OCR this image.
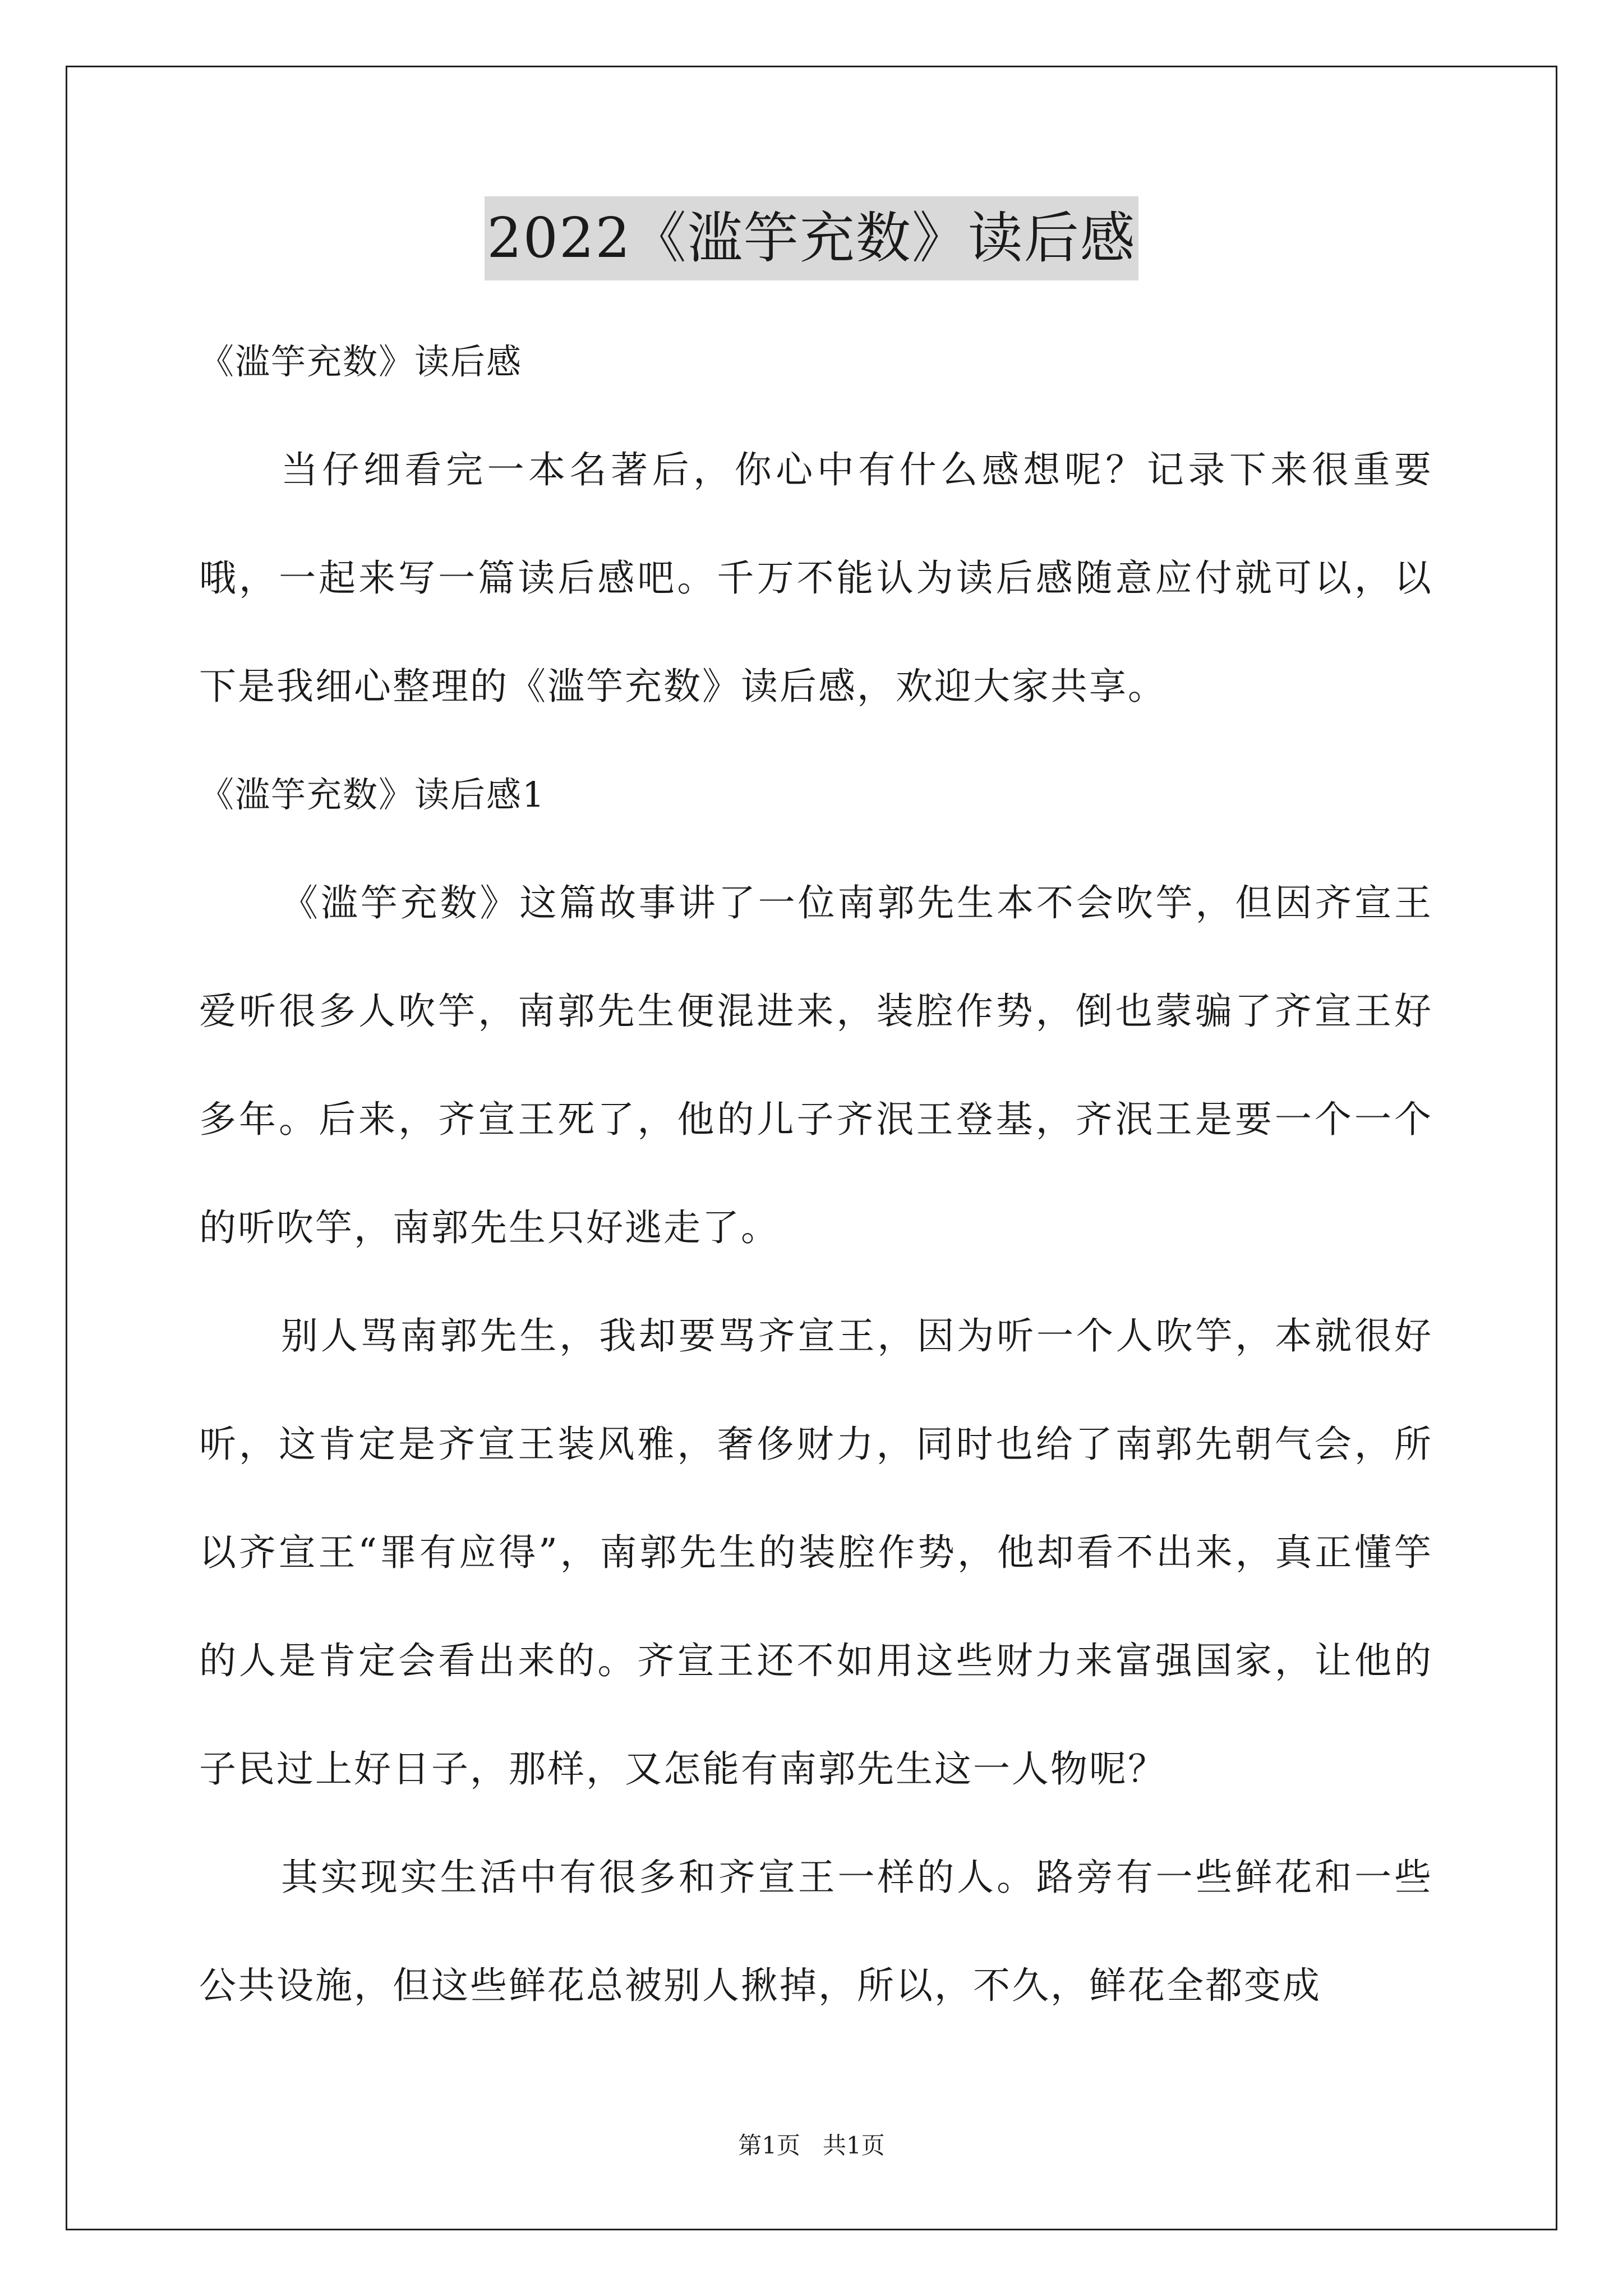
2022《滥竽充数》读后感

《滥竽充数》读后感

当仔细看完一本名著后，你心中有什么感想呢？记录下来很重要哦，一起来写一篇读后感吧。千万不能认为读后感随意应付就可以，以下是我细心整理的《滥竽充数》读后感，欢迎大家共享。

《滥竽充数》读后感1

《滥竽充数》这篇故事讲了一位南郭先生本不会吹竽，但因齐宣王爱听很多人吹竽，南郭先生便混进来，装腔作势，倒也蒙骗了齐宣王好多年。后来，齐宣王死了，他的儿子齐泯王登基，齐泯王是要一个一个的听吹竽，南郭先生只好逃走了。

别人骂南郭先生，我却要骂齐宣王，因为听一个人吹竽，本就很好听，这肯定是齐宣王装风雅，奢侈财力，同时也给了南郭先朝气会，所以齐宣王“罪有应得”，南郭先生的装腔作势，他却看不出来，真正懂竽的人是肯定会看出来的。齐宣王还不如用这些财力来富强国家，让他的子民过上好日子，那样，又怎能有南郭先生这一人物呢？

其实现实生活中有很多和齐宣王一样的人。路旁有一些鲜花和一些公共设施，但这些鲜花总被别人揪掉，所以，不久，鲜花全都变成

第1页 共1页
